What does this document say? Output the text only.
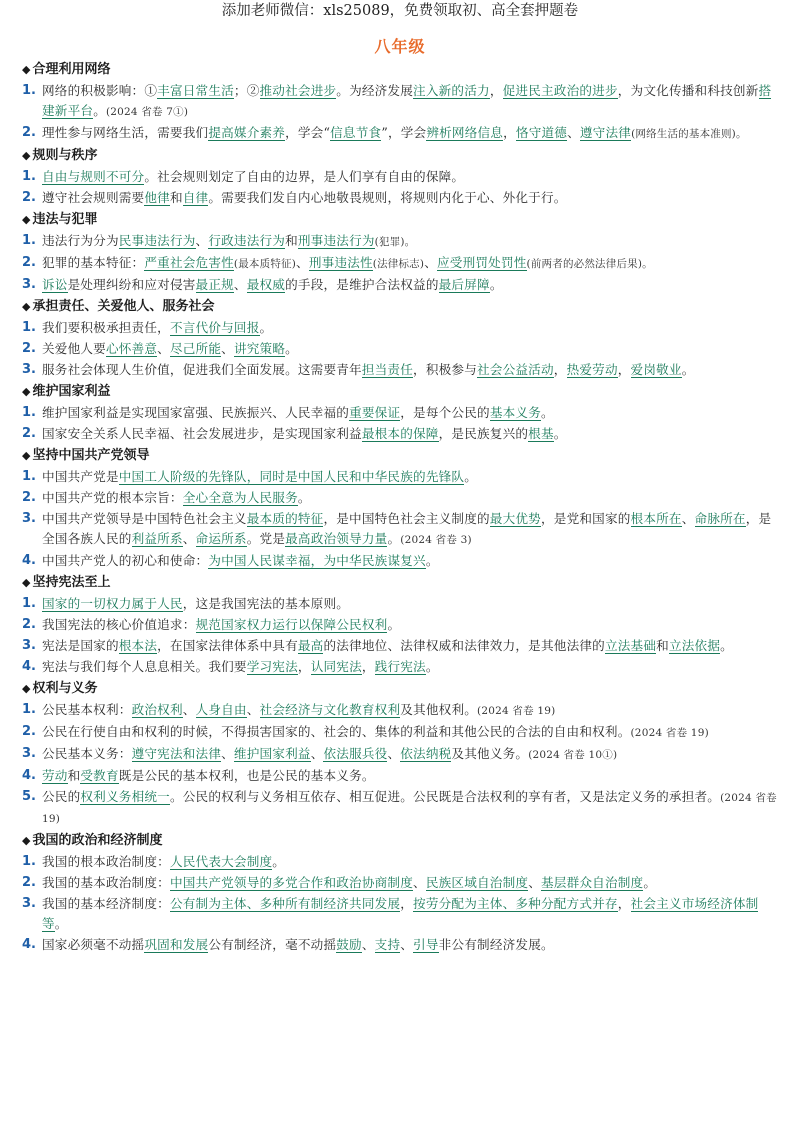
添加老师微信：xls25089，免费领取初、高全套押题卷
八年级
◆ 合理利用网络
1. 网络的积极影响：①丰富日常生活；②推动社会进步。为经济发展注入新的活力，促进民主政治的进步，为文化传播和科技创新搭建新平台。(2024 省卷 7①)
2. 理性参与网络生活，需要我们提高媒介素养，学会“信息节食”，学会辨析网络信息，恪守道德、遵守法律(网络生活的基本准则)。
◆ 规则与秩序
1. 自由与规则不可分。社会规则划定了自由的边界，是人们享有自由的保障。
2. 遵守社会规则需要他律和自律。需要我们发自内心地敬畏规则，将规则内化于心、外化于行。
◆ 违法与犯罪
1. 违法行为分为民事违法行为、行政违法行为和刑事违法行为(犯罪)。
2. 犯罪的基本特征：严重社会危害性(最本质特征)、刑事违法性(法律标志)、应受刑罚处罚性(前两者的必然法律后果)。
3. 诉讼是处理纠纷和应对侵害最正规、最权威的手段，是维护合法权益的最后屏障。
◆ 承担责任、关爱他人、服务社会
1. 我们要积极承担责任，不言代价与回报。
2. 关爱他人要心怀善意、尽己所能、讲究策略。
3. 服务社会体现人生价值，促进我们全面发展。这需要青年担当责任，积极参与社会公益活动，热爱劳动，爱岗敬业。
◆ 维护国家利益
1. 维护国家利益是实现国家富强、民族振兴、人民幸福的重要保证，是每个公民的基本义务。
2. 国家安全关系人民幸福、社会发展进步，是实现国家利益最根本的保障，是民族复兴的根基。
◆ 坚持中国共产党领导
1. 中国共产党是中国工人阶级的先锋队，同时是中国人民和中华民族的先锋队。
2. 中国共产党的根本宗旨：全心全意为人民服务。
3. 中国共产党领导是中国特色社会主义最本质的特征，是中国特色社会主义制度的最大优势，是党和国家的根本所在、命脉所在，是全国各族人民的利益所系、命运所系。党是最高政治领导力量。(2024 省卷 3)
4. 中国共产党人的初心和使命：为中国人民谋幸福，为中华民族谋复兴。
◆ 坚持宪法至上
1. 国家的一切权力属于人民，这是我国宪法的基本原则。
2. 我国宪法的核心价值追求：规范国家权力运行以保障公民权利。
3. 宪法是国家的根本法，在国家法律体系中具有最高的法律地位、法律权威和法律效力，是其他法律的立法基础和立法依据。
4. 宪法与我们每个人息息相关。我们要学习宪法，认同宪法，践行宪法。
◆ 权利与义务
1. 公民基本权利：政治权利、人身自由、社会经济与文化教育权利及其他权利。(2024 省卷 19)
2. 公民在行使自由和权利的时候，不得损害国家的、社会的、集体的利益和其他公民的合法的自由和权利。(2024 省卷 19)
3. 公民基本义务：遵守宪法和法律、维护国家利益、依法服兵役、依法纳税及其他义务。(2024 省卷 10①)
4. 劳动和受教育既是公民的基本权利，也是公民的基本义务。
5. 公民的权利义务相统一。公民的权利与义务相互依存、相互促进。公民既是合法权利的享有者，又是法定义务的承担者。(2024 省卷 19)
◆ 我国的政治和经济制度
1. 我国的根本政治制度：人民代表大会制度。
2. 我国的基本政治制度：中国共产党领导的多党合作和政治协商制度、民族区域自治制度、基层群众自治制度。
3. 我国的基本经济制度：公有制为主体、多种所有制经济共同发展，按劳分配为主体、多种分配方式并存，社会主义市场经济体制等。
4. 国家必须毫不动摇巩固和发展公有制经济，毫不动摇鼓励、支持、引导非公有制经济发展。
